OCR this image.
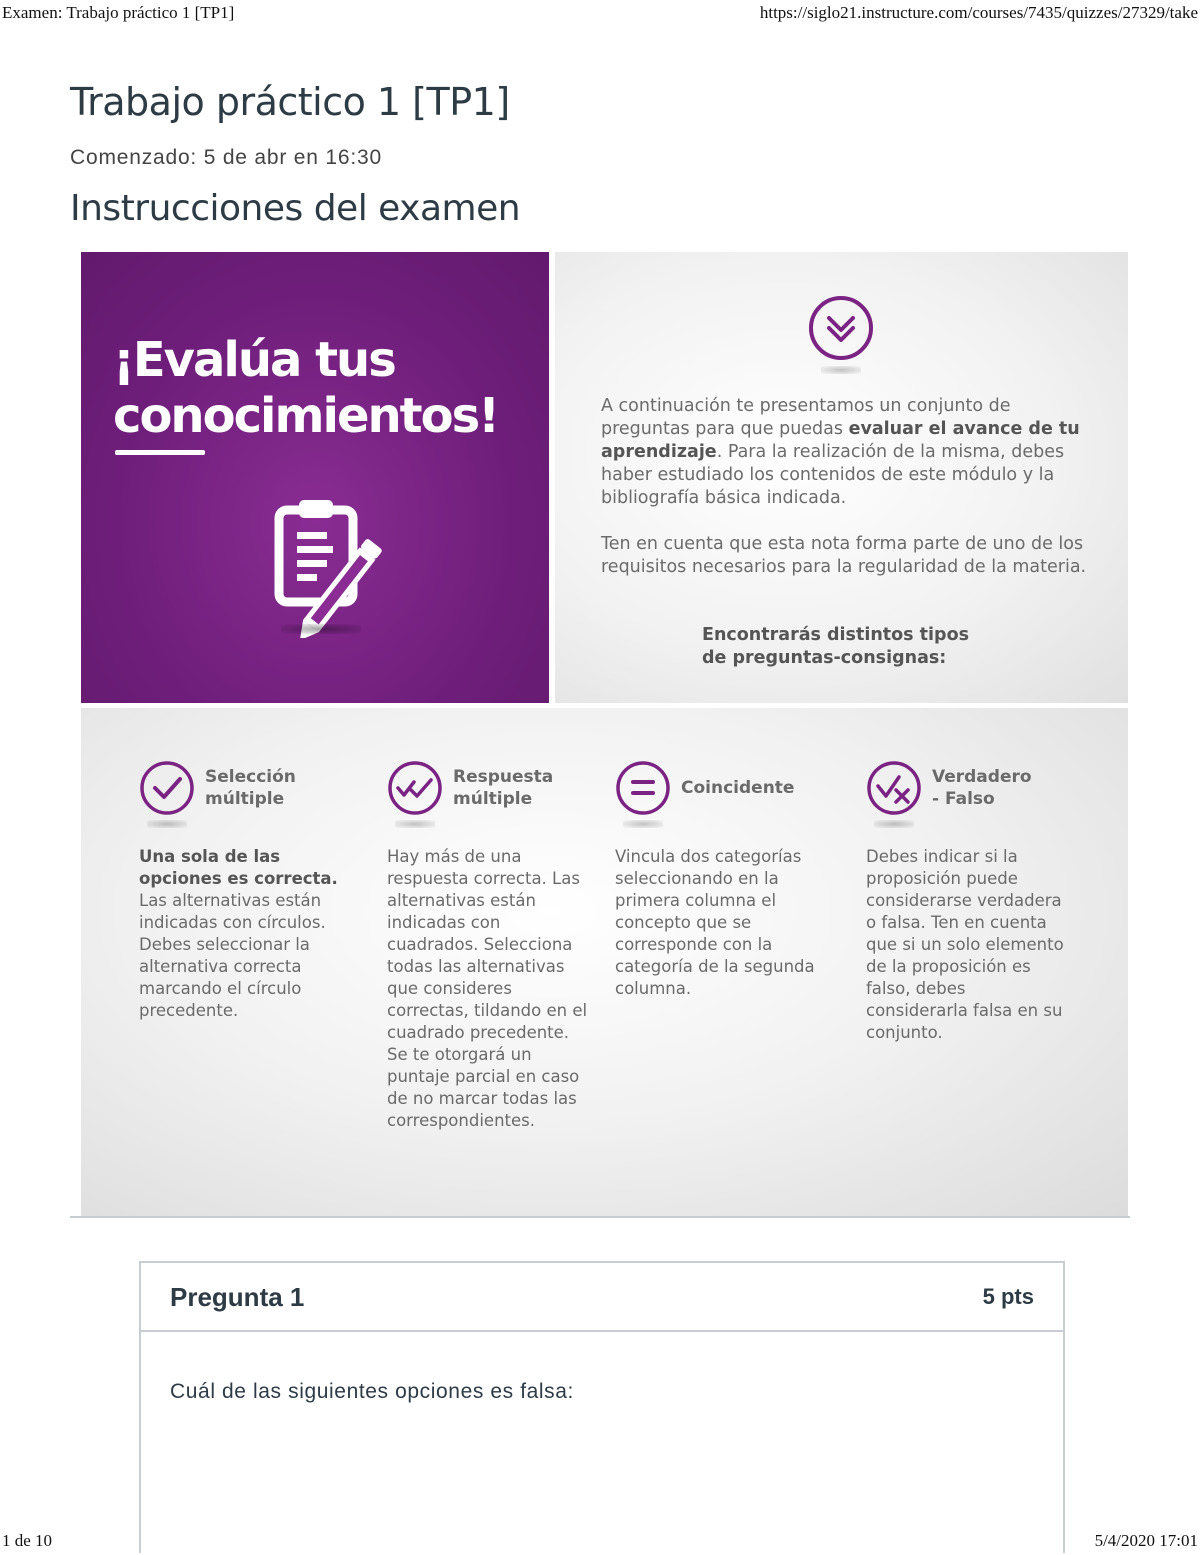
Examen: Trabajo práctico 1 [TP1]	https://siglo21.instructure.com/courses/7435/quizzes/27329/take
Trabajo práctico 1 [TP1]
Comenzado: 5 de abr en 16:30
Instrucciones del examen
¡Evalúa tus
conocimientos!	A continuación te presentamos un conjunto de preguntas para que puedas evaluar el avance de tu aprendizaje. Para la realización de la misma, debes haber estudiado los contenidos de este módulo y la bibliografía básica indicada.

Ten en cuenta que esta nota forma parte de uno de los requisitos necesarios para la regularidad de la materia.

Encontrarás distintos tipos
de preguntas-consignas:
Selección
múltiple
Una sola de las opciones es correcta. Las alternativas están indicadas con círculos. Debes seleccionar la alternativa correcta marcando el círculo precedente.
Respuesta
múltiple
Hay más de una respuesta correcta. Las alternativas están indicadas con cuadrados. Selecciona todas las alternativas que consideres correctas, tildando en el cuadrado precedente. Se te otorgará un puntaje parcial en caso de no marcar todas las correspondientes.
Coincidente
Vincula dos categorías seleccionando en la primera columna el concepto que se corresponde con la categoría de la segunda columna.
Verdadero
- Falso
Debes indicar si la proposición puede considerarse verdadera o falsa. Ten en cuenta que si un solo elemento de la proposición es falso, debes considerarla falsa en su conjunto.
Pregunta 1	5 pts
Cuál de las siguientes opciones es falsa:
1 de 10	5/4/2020 17:01
